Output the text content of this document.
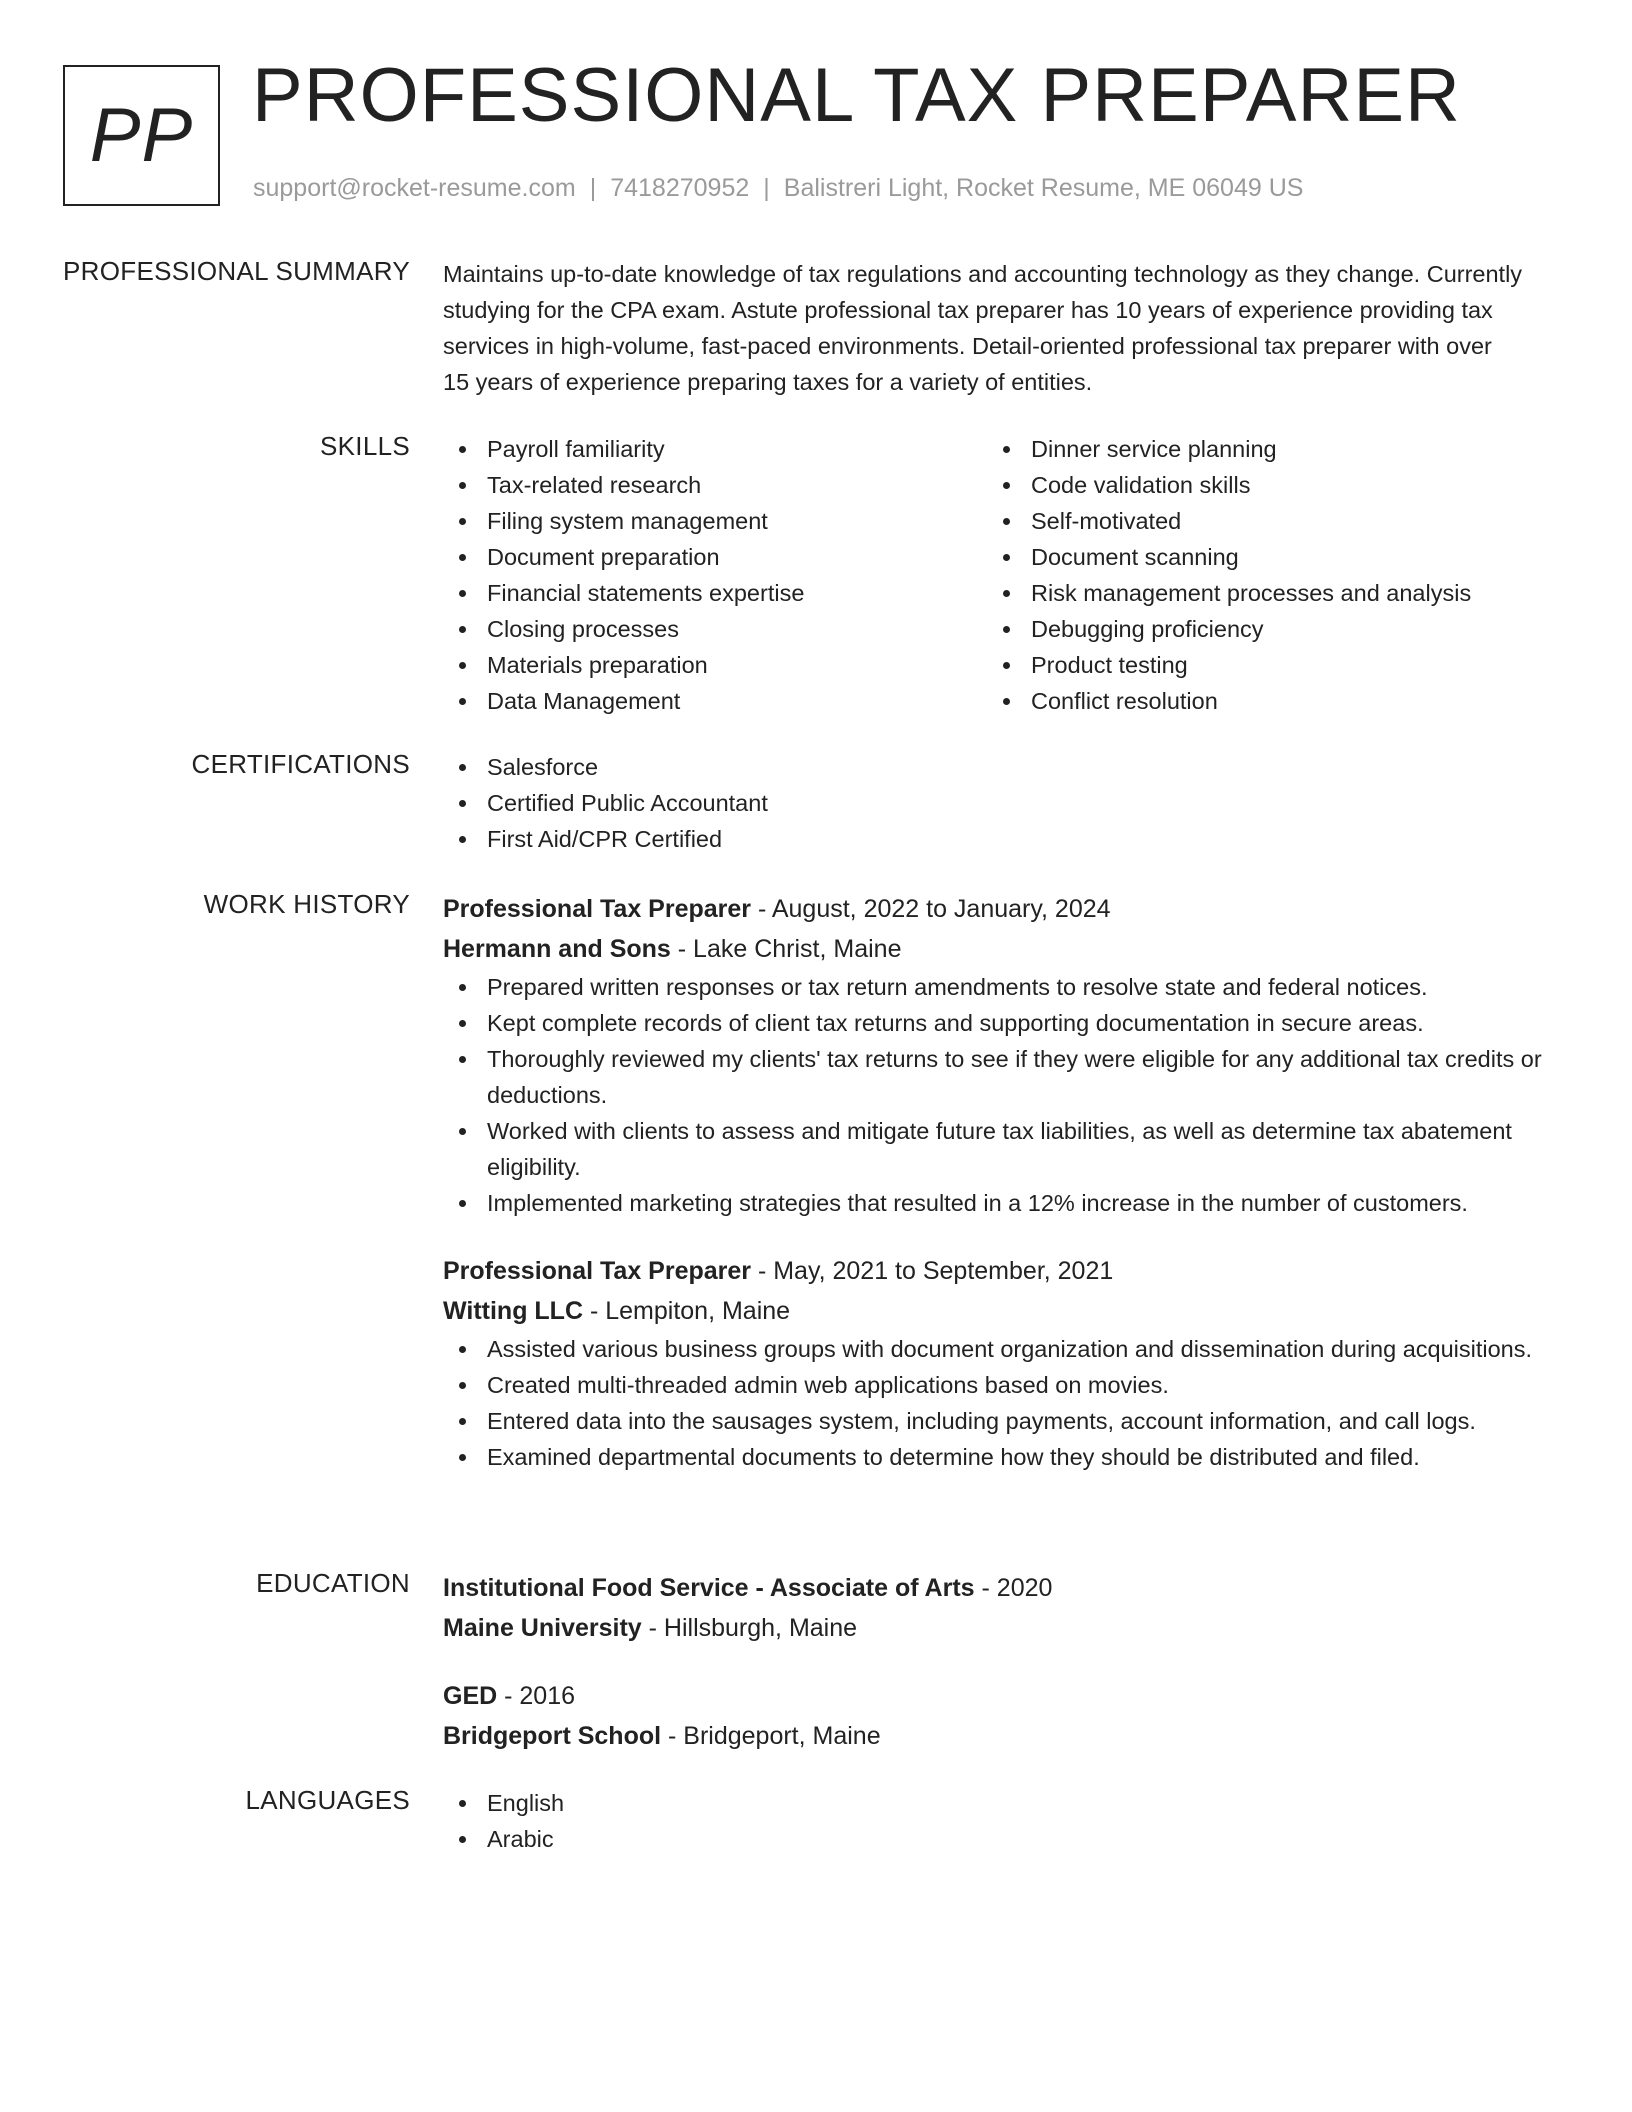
PP PROFESSIONAL TAX PREPARER
support@rocket-resume.com | 7418270952 | Balistreri Light, Rocket Resume, ME 06049 US
PROFESSIONAL SUMMARY Maintains up-to-date knowledge of tax regulations and accounting technology as they change. Currently studying for the CPA exam. Astute professional tax preparer has 10 years of experience providing tax services in high-volume, fast-paced environments. Detail-oriented professional tax preparer with over 15 years of experience preparing taxes for a variety of entities.

SKILLS	Payroll familiarity
Tax-related research
Filing system management
Document preparation
Financial statements expertise
Closing processes
Materials preparation
Data Management
Dinner service planning
Code validation skills
Self-motivated
Document scanning
Risk management processes and analysis
Debugging proficiency
Product testing
Conflict resolution
CERTIFICATIONS	Salesforce
Certified Public Accountant
First Aid/CPR Certified
WORK HISTORY Professional Tax Preparer - August, 2022 to January, 2024
Hermann and Sons - Lake Christ, Maine
Prepared written responses or tax return amendments to resolve state and federal notices.
Kept complete records of client tax returns and supporting documentation in secure areas.
Thoroughly reviewed my clients' tax returns to see if they were eligible for any additional tax credits or deductions.
Worked with clients to assess and mitigate future tax liabilities, as well as determine tax abatement eligibility.
Implemented marketing strategies that resulted in a 12% increase in the number of customers.
Professional Tax Preparer - May, 2021 to September, 2021
Witting LLC - Lempiton, Maine
Assisted various business groups with document organization and dissemination during acquisitions.
Created multi-threaded admin web applications based on movies.
Entered data into the sausages system, including payments, account information, and call logs.
Examined departmental documents to determine how they should be distributed and filed.
EDUCATION Institutional Food Service - Associate of Arts - 2020
Maine University - Hillsburgh, Maine
GED - 2016
Bridgeport School - Bridgeport, Maine
LANGUAGES	English
Arabic
